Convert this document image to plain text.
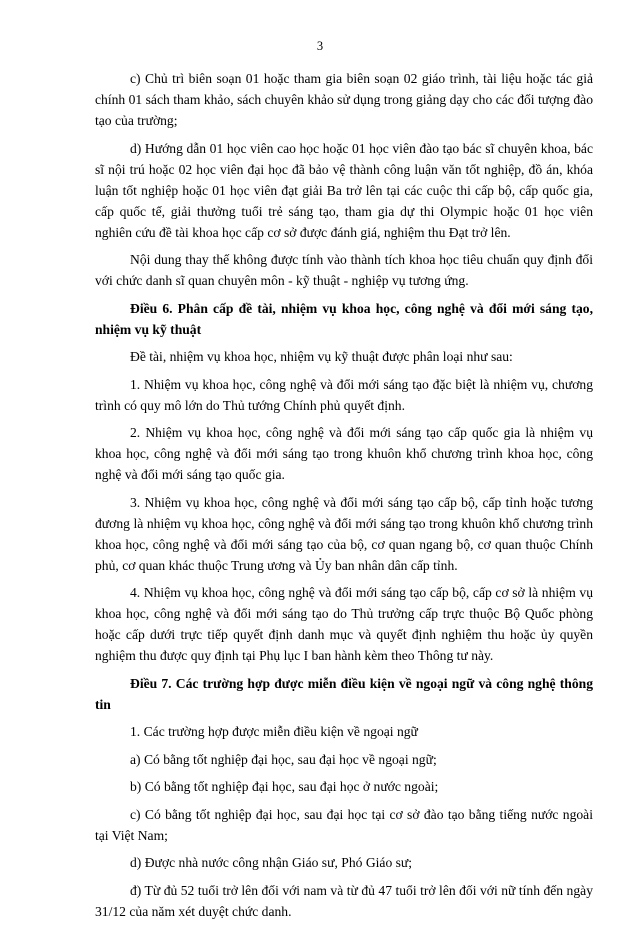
3

c) Chủ trì biên soạn 01 hoặc tham gia biên soạn 02 giáo trình, tài liệu hoặc tác giả chính 01 sách tham khảo, sách chuyên khảo sử dụng trong giảng dạy cho các đối tượng đào tạo của trường;

d) Hướng dẫn 01 học viên cao học hoặc 01 học viên đào tạo bác sĩ chuyên khoa, bác sĩ nội trú hoặc 02 học viên đại học đã bảo vệ thành công luận văn tốt nghiệp, đồ án, khóa luận tốt nghiệp hoặc 01 học viên đạt giải Ba trở lên tại các cuộc thi cấp bộ, cấp quốc gia, cấp quốc tế, giải thưởng tuổi trẻ sáng tạo, tham gia dự thi Olympic hoặc 01 học viên nghiên cứu đề tài khoa học cấp cơ sở được đánh giá, nghiệm thu Đạt trở lên.

Nội dung thay thế không được tính vào thành tích khoa học tiêu chuẩn quy định đối với chức danh sĩ quan chuyên môn - kỹ thuật - nghiệp vụ tương ứng.

Điều 6. Phân cấp đề tài, nhiệm vụ khoa học, công nghệ và đổi mới sáng tạo, nhiệm vụ kỹ thuật

Đề tài, nhiệm vụ khoa học, nhiệm vụ kỹ thuật được phân loại như sau:

1. Nhiệm vụ khoa học, công nghệ và đổi mới sáng tạo đặc biệt là nhiệm vụ, chương trình có quy mô lớn do Thủ tướng Chính phủ quyết định.

2. Nhiệm vụ khoa học, công nghệ và đổi mới sáng tạo cấp quốc gia là nhiệm vụ khoa học, công nghệ và đổi mới sáng tạo trong khuôn khổ chương trình khoa học, công nghệ và đổi mới sáng tạo quốc gia.

3. Nhiệm vụ khoa học, công nghệ và đổi mới sáng tạo cấp bộ, cấp tỉnh hoặc tương đương là nhiệm vụ khoa học, công nghệ và đổi mới sáng tạo trong khuôn khổ chương trình khoa học, công nghệ và đổi mới sáng tạo của bộ, cơ quan ngang bộ, cơ quan thuộc Chính phủ, cơ quan khác thuộc Trung ương và Ủy ban nhân dân cấp tỉnh.

4. Nhiệm vụ khoa học, công nghệ và đổi mới sáng tạo cấp bộ, cấp cơ sở là nhiệm vụ khoa học, công nghệ và đổi mới sáng tạo do Thủ trưởng cấp trực thuộc Bộ Quốc phòng hoặc cấp dưới trực tiếp quyết định danh mục và quyết định nghiệm thu hoặc ủy quyền nghiệm thu được quy định tại Phụ lục I ban hành kèm theo Thông tư này.

Điều 7. Các trường hợp được miễn điều kiện về ngoại ngữ và công nghệ thông tin

1. Các trường hợp được miễn điều kiện về ngoại ngữ

a) Có bằng tốt nghiệp đại học, sau đại học về ngoại ngữ;

b) Có bằng tốt nghiệp đại học, sau đại học ở nước ngoài;

c) Có bằng tốt nghiệp đại học, sau đại học tại cơ sở đào tạo bằng tiếng nước ngoài tại Việt Nam;

d) Được nhà nước công nhận Giáo sư, Phó Giáo sư;

đ) Từ đủ 52 tuổi trở lên đối với nam và từ đủ 47 tuổi trở lên đối với nữ tính đến ngày 31/12 của năm xét duyệt chức danh.
